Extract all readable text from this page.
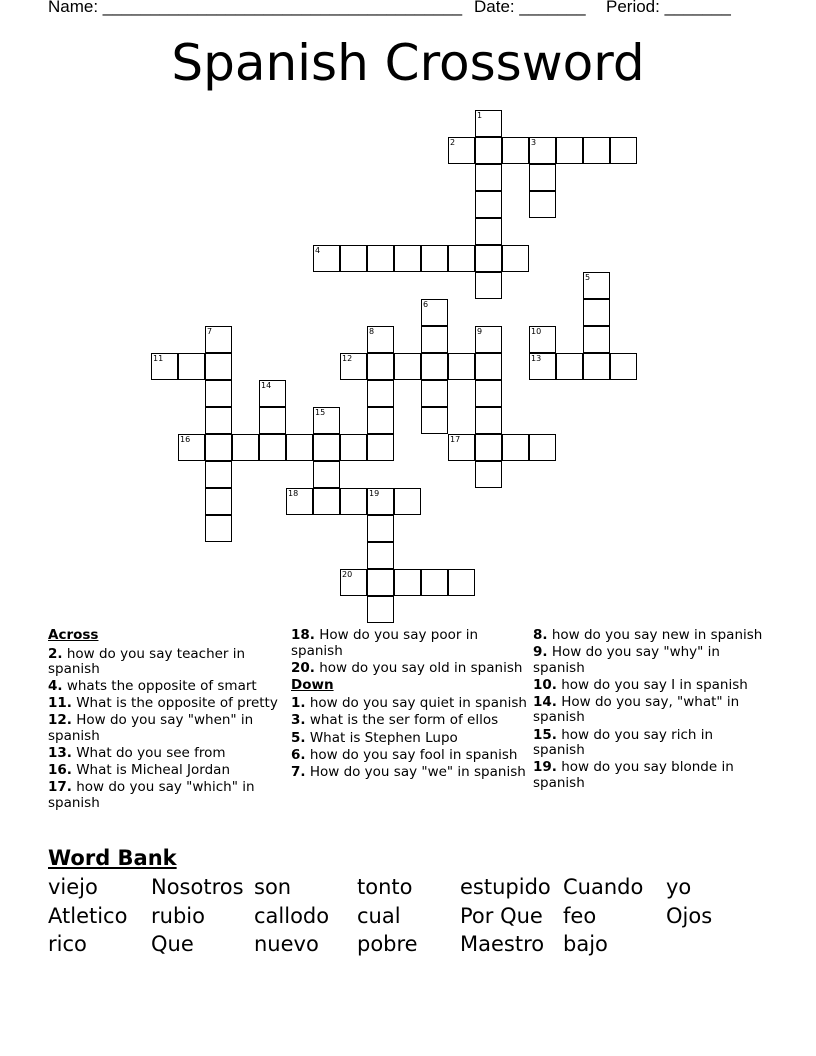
Name: ______________________________________ Date: _______ Period: _______
Spanish Crossword
1
2	3
4
5
6
7	8	9	10
13
11	12
14
15
16	17
18	19
20
Across
2. how do you say teacher in spanish
4. whats the opposite of smart
11. What is the opposite of pretty
12. How do you say "when" in spanish
13. What do you see from
16. What is Micheal Jordan
17. how do you say "which" in spanish
18. How do you say poor in spanish
20. how do you say old in spanish
Down
1. how do you say quiet in spanish
3. what is the ser form of ellos
5. What is Stephen Lupo
6. how do you say fool in spanish
7. How do you say "we" in spanish
8. how do you say new in spanish
9. How do you say "why" in spanish
10. how do you say I in spanish
14. How do you say, "what" in spanish
15. how do you say rich in spanish
19. how do you say blonde in spanish
Word Bank
viejo	Nosotros son	tonto estupido Cuando yo
Atletico rubio callodo cual	Por Que feo	Ojos
rico	Que	nuevo pobre Maestro bajo
